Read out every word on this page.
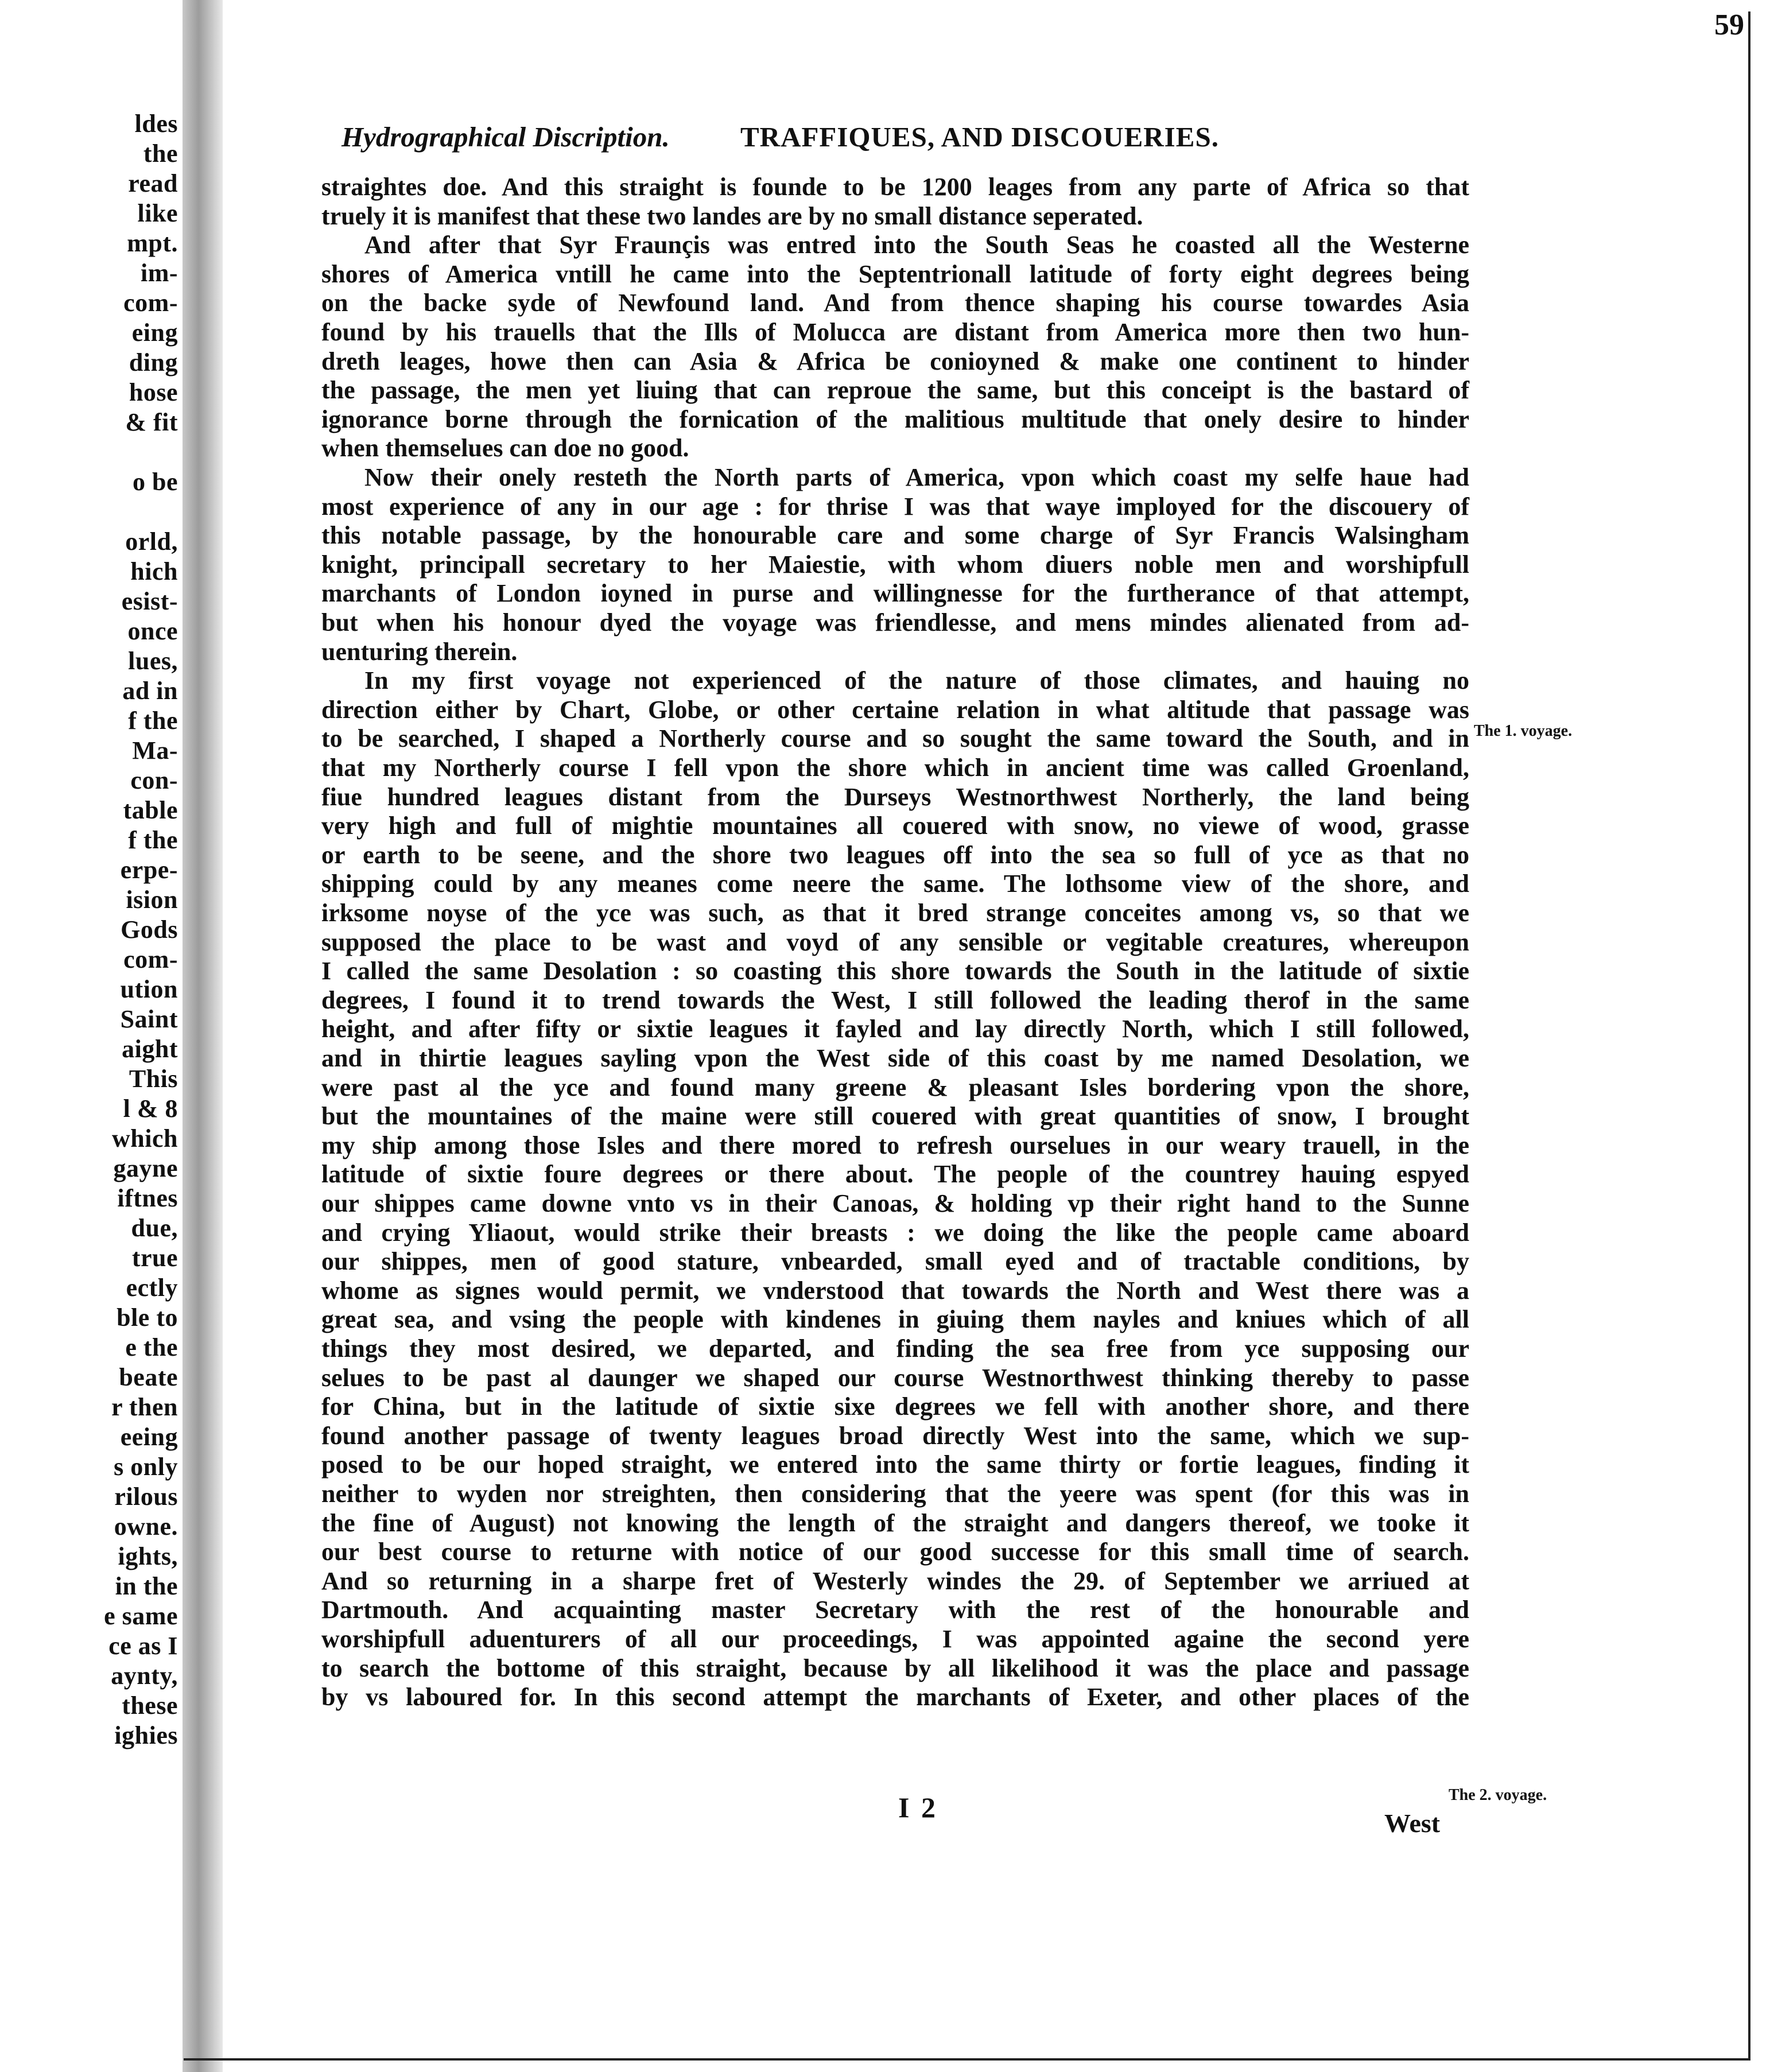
ldes
the
read
like
mpt.
im-
com-
eing
ding
hose
& fit
o be
orld,
hich
esist-
once
lues,
ad in
f the
Ma-
con-
table
f the
erpe-
ision
Gods
com-
ution
Saint
aight
This
l & 8
which
gayne
iftnes
due,
true
ectly
ble to
e the
beate
r then
eeing
s only
rilous
owne.
ights,
in the
e same
ce as I
aynty,
these
ighies
Hydrographical Discription.	TRAFFIQUES, AND DISCOUERIES.
59
straightes doe. And this straight is founde to be 1200 leages from any parte of Africa so that
truely it is manifest that these two landes are by no small distance seperated.
And after that Syr Fraunçis was entred into the South Seas he coasted all the Westerne
shores of America vntill he came into the Septentrionall latitude of forty eight degrees being
on the backe syde of Newfound land. And from thence shaping his course towardes Asia
found by his trauells that the Ills of Molucca are distant from America more then two hun-
dreth leages, howe then can Asia & Africa be conioyned & make one continent to hinder
the passage, the men yet liuing that can reproue the same, but this conceipt is the bastard of
ignorance borne through the fornication of the malitious multitude that onely desire to hinder
when themselues can doe no good.
Now their onely resteth the North parts of America, vpon which coast my selfe haue had
most experience of any in our age : for thrise I was that waye imployed for the discouery of
this notable passage, by the honourable care and some charge of Syr Francis Walsingham
knight, principall secretary to her Maiestie, with whom diuers noble men and worshipfull
marchants of London ioyned in purse and willingnesse for the furtherance of that attempt,
but when his honour dyed the voyage was friendlesse, and mens mindes alienated from ad-
uenturing therein.
In my first voyage not experienced of the nature of those climates, and hauing no
direction either by Chart, Globe, or other certaine relation in what altitude that passage was
to be searched, I shaped a Northerly course and so sought the same toward the South, and in
that my Northerly course I fell vpon the shore which in ancient time was called Groenland,
fiue hundred leagues distant from the Durseys Westnorthwest Northerly, the land being
very high and full of mightie mountaines all couered with snow, no viewe of wood, grasse
or earth to be seene, and the shore two leagues off into the sea so full of yce as that no
shipping could by any meanes come neere the same. The lothsome view of the shore, and
irksome noyse of the yce was such, as that it bred strange conceites among vs, so that we
supposed the place to be wast and voyd of any sensible or vegitable creatures, whereupon
I called the same Desolation : so coasting this shore towards the South in the latitude of sixtie
degrees, I found it to trend towards the West, I still followed the leading therof in the same
height, and after fifty or sixtie leagues it fayled and lay directly North, which I still followed,
and in thirtie leagues sayling vpon the West side of this coast by me named Desolation, we
were past al the yce and found many greene & pleasant Isles bordering vpon the shore,
but the mountaines of the maine were still couered with great quantities of snow, I brought
my ship among those Isles and there mored to refresh ourselues in our weary trauell, in the
latitude of sixtie foure degrees or there about. The people of the countrey hauing espyed
our shippes came downe vnto vs in their Canoas, & holding vp their right hand to the Sunne
and crying Yliaout, would strike their breasts : we doing the like the people came aboard
our shippes, men of good stature, vnbearded, small eyed and of tractable conditions, by
whome as signes would permit, we vnderstood that towards the North and West there was a
great sea, and vsing the people with kindenes in giuing them nayles and kniues which of all
things they most desired, we departed, and finding the sea free from yce supposing our
selues to be past al daunger we shaped our course Westnorthwest thinking thereby to passe
for China, but in the latitude of sixtie sixe degrees we fell with another shore, and there
found another passage of twenty leagues broad directly West into the same, which we sup-
posed to be our hoped straight, we entered into the same thirty or fortie leagues, finding it
neither to wyden nor streighten, then considering that the yeere was spent (for this was in
the fine of August) not knowing the length of the straight and dangers thereof, we tooke it
our best course to returne with notice of our good successe for this small time of search.
And so returning in a sharpe fret of Westerly windes the 29. of September we arriued at
Dartmouth. And acquainting master Secretary with the rest of the honourable and
worshipfull aduenturers of all our proceedings, I was appointed againe the second yere
to search the bottome of this straight, because by all likelihood it was the place and passage
by vs laboured for. In this second attempt the marchants of Exeter, and other places of the
The 1. voyage.
The 2. voyage.
I 2	West
